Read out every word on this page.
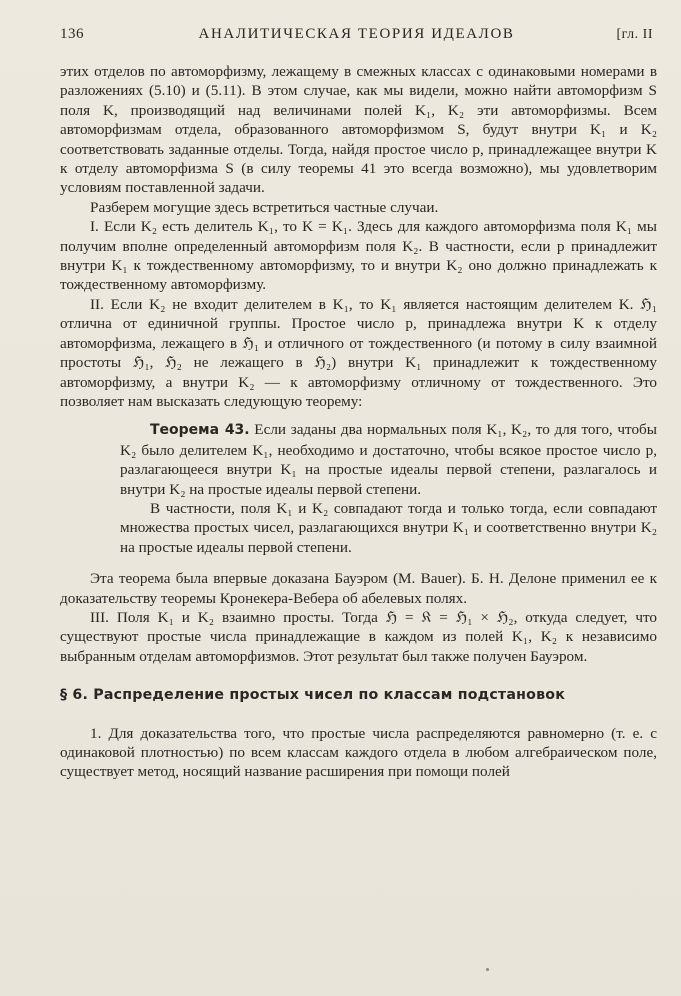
136	АНАЛИТИЧЕСКАЯ ТЕОРИЯ ИДЕАЛОВ	[гл. II

этих отделов по автоморфизму, лежащему в смежных классах с одинаковыми номерами в разложениях (5.10) и (5.11). В этом случае, как мы видели, можно найти автоморфизм S поля K, производящий над величинами полей K₁, K₂ эти автоморфизмы. Всем автоморфизмам отдела, образованного автоморфизмом S, будут внутри K₁ и K₂ соответствовать заданные отделы. Тогда, найдя простое число p, принадлежащее внутри K к отделу автоморфизма S (в силу теоремы 41 это всегда возможно), мы удовлетворим условиям поставленной задачи.

Разберем могущие здесь встретиться частные случаи.

I. Если K₂ есть делитель K₁, то K = K₁. Здесь для каждого автоморфизма поля K₁ мы получим вполне определенный автоморфизм поля K₂. В частности, если p принадлежит внутри K₁ к тождественному автоморфизму, то и внутри K₂ оно должно принадлежать к тождественному автоморфизму.

II. Если K₂ не входит делителем в K₁, то K₁ является настоящим делителем K. ℌ₁ отлична от единичной группы. Простое число p, принадлежа внутри K к отделу автоморфизма, лежащего в ℌ₁ и отличного от тождественного (и потому в силу взаимной простоты ℌ₁, ℌ₂ не лежащего в ℌ₂) внутри K₁ принадлежит к тождественному автоморфизму, а внутри K₂ — к автоморфизму отличному от тождественного. Это позволяет нам высказать следующую теорему:

Теорема 43. Если заданы два нормальных поля K₁, K₂, то для того, чтобы K₂ было делителем K₁, необходимо и достаточно, чтобы всякое простое число p, разлагающееся внутри K₁ на простые идеалы первой степени, разлагалось и внутри K₂ на простые идеалы первой степени.

В частности, поля K₁ и K₂ совпадают тогда и только тогда, если совпадают множества простых чисел, разлагающихся внутри K₁ и соответственно внутри K₂ на простые идеалы первой степени.

Эта теорема была впервые доказана Бауэром (M. Bauer). Б. Н. Делоне применил ее к доказательству теоремы Кронекера-Вебера об абелевых полях.

III. Поля K₁ и K₂ взаимно просты. Тогда ℌ = 𝔎 = ℌ₁ × ℌ₂, откуда следует, что существуют простые числа принадлежащие в каждом из полей K₁, K₂ к независимо выбранным отделам автоморфизмов. Этот результат был также получен Бауэром.

§ 6. Распределение простых чисел по классам подстановок

1. Для доказательства того, что простые числа распределяются равномерно (т. е. с одинаковой плотностью) по всем классам каждого отдела в любом алгебраическом поле, существует метод, носящий название расширения при помощи полей
